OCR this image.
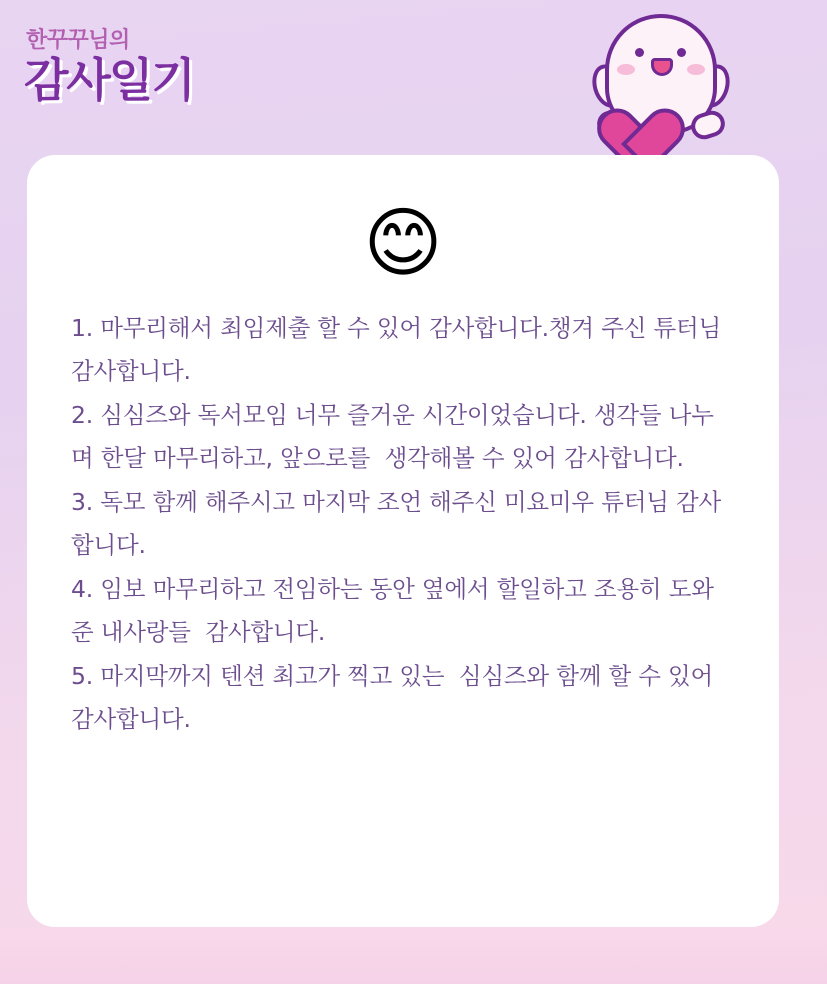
한꾸꾸님의
감사일기
😊
1. 마무리해서 최임제출 할 수 있어 감사합니다.챙겨 주신 튜터님 감사합니다.
2. 심심즈와 독서모임 너무 즐거운 시간이었습니다. 생각들 나누며 한달 마무리하고, 앞으로를  생각해볼 수 있어 감사합니다.
3. 독모 함께 해주시고 마지막 조언 해주신 미요미우 튜터님 감사합니다.
4. 임보 마무리하고 전임하는 동안 옆에서 할일하고 조용히 도와준 내사랑들  감사합니다.
5. 마지막까지 텐션 최고가 찍고 있는  심심즈와 함께 할 수 있어 감사합니다.
